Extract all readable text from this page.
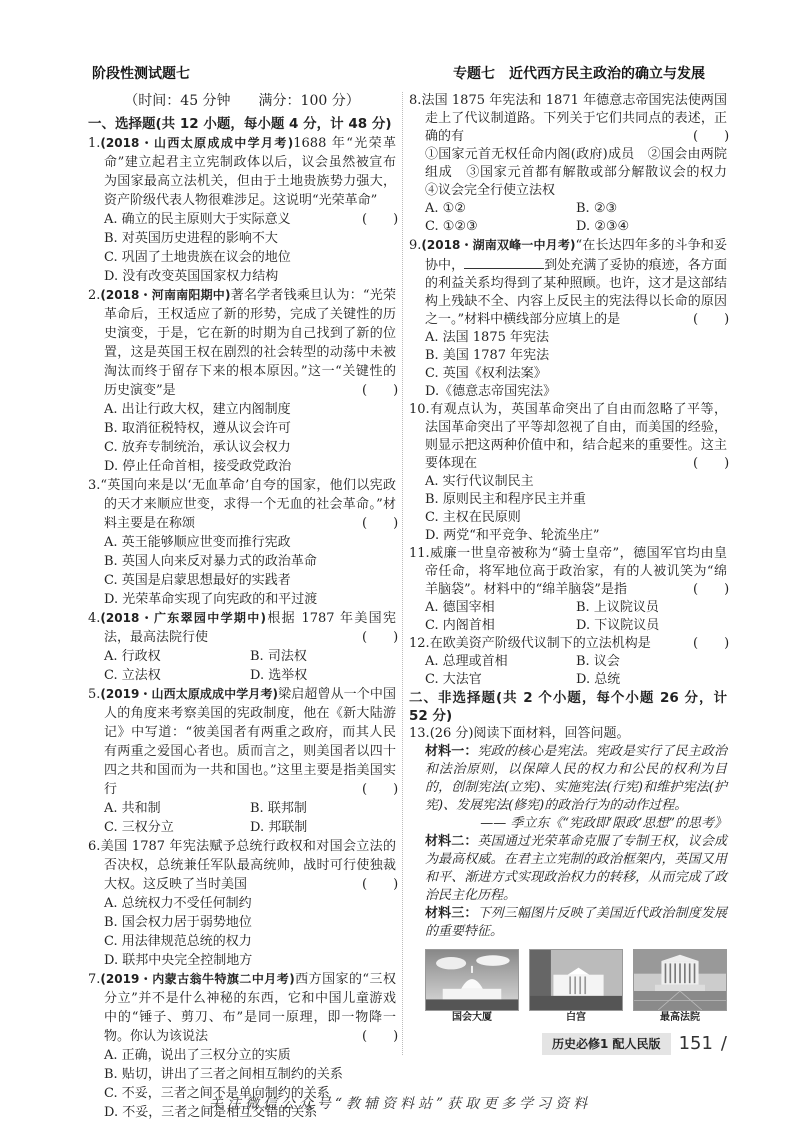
阶段性测试题七	专题七　近代西方民主政治的确立与发展
（时间：45 分钟　　满分：100 分）
一、选择题(共 12 小题，每小题 4 分，计 48 分)
1.(2018・山西太原成成中学月考)1688 年“光荣革命”建立起君主立宪制政体以后，议会虽然被宣布为国家最高立法机关，但由于土地贵族势力强大，资产阶级代表人物很难涉足。这说明“光荣革命”
(　　)
A. 确立的民主原则大于实际意义
B. 对英国历史进程的影响不大
C. 巩固了土地贵族在议会的地位
D. 没有改变英国国家权力结构
2.(2018・河南南阳期中)著名学者钱乘旦认为：“光荣革命后，王权适应了新的形势，完成了关键性的历史演变，于是，它在新的时期为自己找到了新的位置，这是英国王权在剧烈的社会转型的动荡中未被淘汰而终于留存下来的根本原因。”这一“关键性的历史演变”是	(　　)
A. 出让行政大权，建立内阁制度
B. 取消征税特权，遵从议会许可
C. 放弃专制统治，承认议会权力
D. 停止任命首相，接受政党政治
3.“英国向来是以‘无血革命’自夸的国家，他们以宪政的天才来顺应世变，求得一个无血的社会革命。”材料主要是在称颂	(　　)
A. 英王能够顺应世变而推行宪政
B. 英国人向来反对暴力式的政治革命
C. 英国是启蒙思想最好的实践者
D. 光荣革命实现了向宪政的和平过渡
4.(2018・广东翠园中学期中)根据 1787 年美国宪法，最高法院行使	(　　)
A. 行政权	B. 司法权
C. 立法权	D. 选举权
5.(2019・山西太原成成中学月考)梁启超曾从一个中国人的角度来考察美国的宪政制度，他在《新大陆游记》中写道：“彼美国者有两重之政府，而其人民有两重之爱国心者也。质而言之，则美国者以四十四之共和国而为一共和国也。”这里主要是指美国实行	(　　)
A. 共和制	B. 联邦制
C. 三权分立	D. 邦联制
6.美国 1787 年宪法赋予总统行政权和对国会立法的否决权，总统兼任军队最高统帅，战时可行使独裁大权。这反映了当时美国	(　　)
A. 总统权力不受任何制约
B. 国会权力居于弱势地位
C. 用法律规范总统的权力
D. 联邦中央完全控制地方
7.(2019・内蒙古翁牛特旗二中月考)西方国家的“三权分立”并不是什么神秘的东西，它和中国儿童游戏中的“锤子、剪刀、布”是同一原理，即一物降一物。你认为该说法	(　　)
A. 正确，说出了三权分立的实质
B. 贴切，讲出了三者之间相互制约的关系
C. 不妥，三者之间不是单向制约的关系
D. 不妥，三者之间是相互交错的关系
8.法国 1875 年宪法和 1871 年德意志帝国宪法使两国走上了代议制道路。下列关于它们共同点的表述，正确的有	(　　)
①国家元首无权任命内阁(政府)成员　②国会由两院组成　③国家元首都有解散或部分解散议会的权力　④议会完全行使立法权
A. ①②	B. ②③
C. ①②③	D. ②③④
9.(2018・湖南双峰一中月考)“在长达四年多的斗争和妥协中，	到处充满了妥协的痕迹，各方面的利益关系均得到了某种照顾。也许，这才是这部结构上残缺不全、内容上反民主的宪法得以长命的原因之一。”材料中横线部分应填上的是	(　　)
A. 法国 1875 年宪法
B. 美国 1787 年宪法
C. 英国《权利法案》
D.《德意志帝国宪法》
10.有观点认为，英国革命突出了自由而忽略了平等，法国革命突出了平等却忽视了自由，而美国的经验，则显示把这两种价值中和，结合起来的重要性。这主要体现在	(　　)
A. 实行代议制民主
B. 原则民主和程序民主并重
C. 主权在民原则
D. 两党“和平竞争、轮流坐庄”
11.威廉一世皇帝被称为“骑士皇帝”，德国军官均由皇帝任命，将军地位高于政治家，有的人被讥笑为“绵羊脑袋”。材料中的“绵羊脑袋”是指	(　　)
A. 德国宰相	B. 上议院议员
C. 内阁首相	D. 下议院议员
12.在欧美资产阶级代议制下的立法机构是	(　　)
A. 总理或首相	B. 议会
C. 大法官	D. 总统
二、非选择题(共 2 个小题，每个小题 26 分，计 52 分)
13.(26 分)阅读下面材料，回答问题。
材料一：宪政的核心是宪法。宪政是实行了民主政治和法治原则，以保障人民的权力和公民的权利为目的，创制宪法(立宪)、实施宪法(行宪)和维护宪法(护宪)、发展宪法(修宪)的政治行为的动作过程。
—— 季立东《“宪政即‘限政’思想”的思考》
材料二：英国通过光荣革命克服了专制王权，议会成为最高权威。在君主立宪制的政治框架内，英国又用和平、渐进方式实现政治权力的转移，从而完成了政治民主化历程。
材料三：下列三幅图片反映了美国近代政治制度发展的重要特征。
国会大厦	白宫	最高法院
历史必修1 配人民版	151 /
关注微信公众号“教辅资料站”获取更多学习资料
